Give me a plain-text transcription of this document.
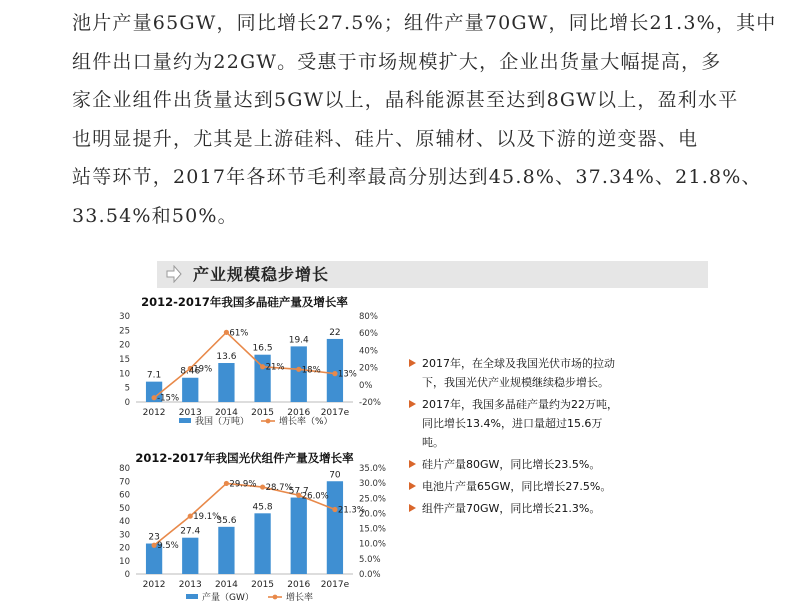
池片产量65GW，同比增长27.5%；组件产量70GW，同比增长21.3%，其中
组件出口量约为22GW。受惠于市场规模扩大，企业出货量大幅提高，多
家企业组件出货量达到5GW以上，晶科能源甚至达到8GW以上，盈利水平
也明显提升，尤其是上游硅料、硅片、原辅材、以及下游的逆变器、电
站等环节，2017年各环节毛利率最高分别达到45.8%、37.34%、21.8%、
33.54%和50%。
产业规模稳步增长
2012-2017年我国多晶硅产量及增长率
0
5
10
15
20
25
30
-20%
0%
20%
40%
60%
80%
7.1 8.46
13.6
16.5
19.4
22
-15%
19%
61%
21% 18% 13%
2012 2013 2014 2015 2016 2017e
我国（万吨）	增长率（%）
2012-2017年我国光伏组件产量及增长率
0
10
20
30
40
50
60
70
80
0.0%
5.0%
10.0%
15.0%
20.0%
25.0%
30.0%
35.0%
23
27.4
35.6
45.8
57.7
70
9.5%
19.1%
29.9% 28.7%
26.0%
21.3%
2012 2013 2014 2015 2016 2017e
产量（GW）	增长率
2017年，在全球及我国光伏市场的拉动
下，我国光伏产业规模继续稳步增长。
2017年，我国多晶硅产量约为22万吨，
同比增长13.4%，进口量超过15.6万
吨。
硅片产量80GW，同比增长23.5%。
电池片产量65GW，同比增长27.5%。
组件产量70GW，同比增长21.3%。
